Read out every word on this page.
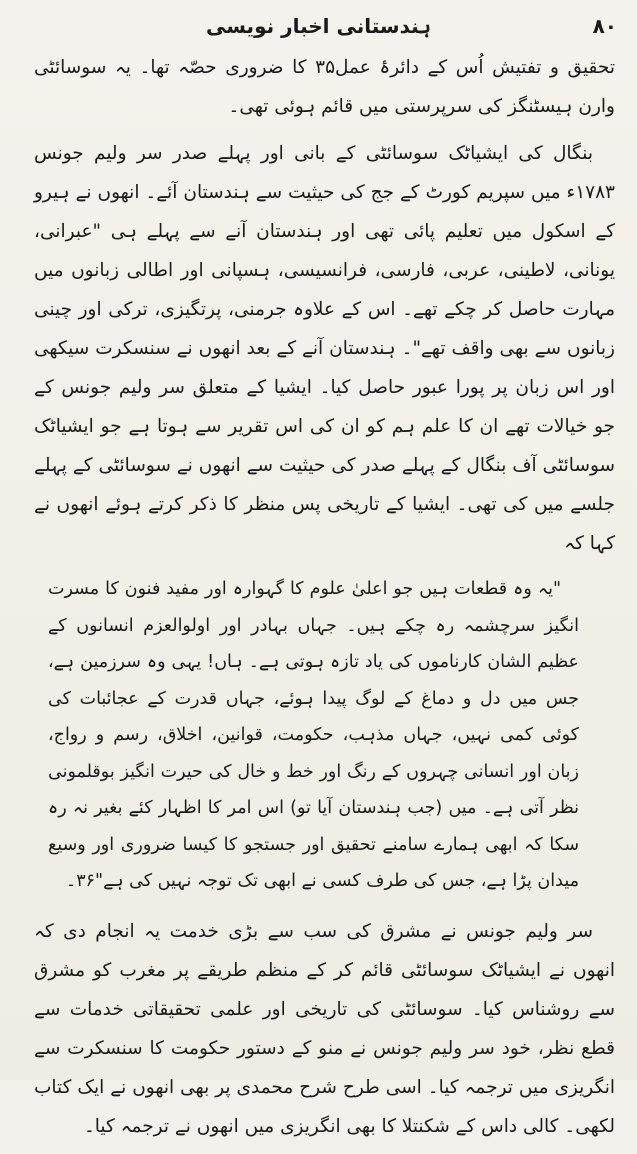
ہندستانی اخبار نویسی	۸۰

تحقیق و تفتیش اُس کے دائرۂ عمل۳۵ کا ضروری حصّہ تھا۔ یہ سوسائٹی وارن ہیسٹنگز کی سرپرستی میں قائم ہوئی تھی۔

بنگال کی ایشیاٹک سوسائٹی کے بانی اور پہلے صدر سر ولیم جونس ۱۷۸۳ء میں سپریم کورٹ کے جج کی حیثیت سے ہندستان آئے۔ انھوں نے ہیرو کے اسکول میں تعلیم پائی تھی اور ہندستان آنے سے پہلے ہی "عبرانی، یونانی، لاطینی، عربی، فارسی، فرانسیسی، ہسپانی اور اطالی زبانوں میں مہارت حاصل کر چکے تھے۔ اس کے علاوہ جرمنی، پرتگیزی، ترکی اور چینی زبانوں سے بھی واقف تھے"۔ ہندستان آنے کے بعد انھوں نے سنسکرت سیکھی اور اس زبان پر پورا عبور حاصل کیا۔ ایشیا کے متعلق سر ولیم جونس کے جو خیالات تھے ان کا علم ہم کو ان کی اس تقریر سے ہوتا ہے جو ایشیاٹک سوسائٹی آف بنگال کے پہلے صدر کی حیثیت سے انھوں نے سوسائٹی کے پہلے جلسے میں کی تھی۔ ایشیا کے تاریخی پس منظر کا ذکر کرتے ہوئے انھوں نے کہا کہ

"یہ وہ قطعات ہیں جو اعلیٰ علوم کا گہوارہ اور مفید فنون کا مسرت انگیز سرچشمہ رہ چکے ہیں۔ جہاں بہادر اور اولوالعزم انسانوں کے عظیم الشان کارناموں کی یاد تازہ ہوتی ہے۔ ہاں! یہی وہ سرزمین ہے، جس میں دل و دماغ کے لوگ پیدا ہوئے، جہاں قدرت کے عجائبات کی کوئی کمی نہیں، جہاں مذہب، حکومت، قوانین، اخلاق، رسم و رواج، زبان اور انسانی چہروں کے رنگ اور خط و خال کی حیرت انگیز بوقلمونی نظر آتی ہے۔ میں (جب ہندستان آیا تو) اس امر کا اظہار کئے بغیر نہ رہ سکا کہ ابھی ہمارے سامنے تحقیق اور جستجو کا کیسا ضروری اور وسیع میدان پڑا ہے، جس کی طرف کسی نے ابھی تک توجہ نہیں کی ہے"۳۶۔

سر ولیم جونس نے مشرق کی سب سے بڑی خدمت یہ انجام دی کہ انھوں نے ایشیاٹک سوسائٹی قائم کر کے منظم طریقے پر مغرب کو مشرق سے روشناس کیا۔ سوسائٹی کی تاریخی اور علمی تحقیقاتی خدمات سے قطع نظر، خود سر ولیم جونس نے منو کے دستور حکومت کا سنسکرت سے انگریزی میں ترجمہ کیا۔ اسی طرح شرح محمدی پر بھی انھوں نے ایک کتاب لکھی۔ کالی داس کے شکنتلا کا بھی انگریزی میں انھوں نے ترجمہ کیا۔
